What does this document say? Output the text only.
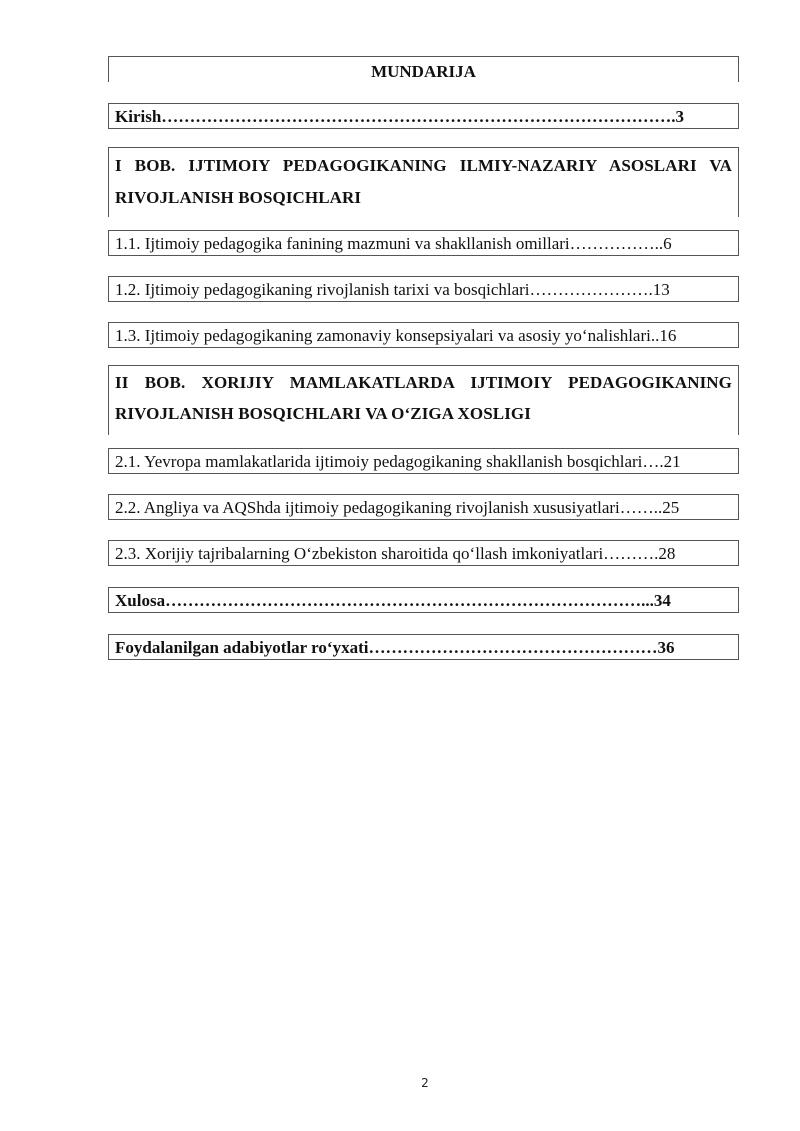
MUNDARIJA
Kirish……………………………………………………………………………….3
I BOB. IJTIMOIY PEDAGOGIKANING ILMIY-NAZARIY ASOSLARI VA
RIVOJLANISH BOSQICHLARI
1.1. Ijtimoiy pedagogika fanining mazmuni va shakllanish omillari……………..6
1.2. Ijtimoiy pedagogikaning rivojlanish tarixi va bosqichlari………………….13
1.3. Ijtimoiy pedagogikaning zamonaviy konsepsiyalari va asosiy yo‘nalishlari..16
II BOB. XORIJIY MAMLAKATLARDA IJTIMOIY PEDAGOGIKANING
RIVOJLANISH BOSQICHLARI VA O‘ZIGA XOSLIGI
2.1. Yevropa mamlakatlarida ijtimoiy pedagogikaning shakllanish bosqichlari….21
2.2. Angliya va AQShda ijtimoiy pedagogikaning rivojlanish xususiyatlari……..25
2.3. Xorijiy tajribalarning O‘zbekiston sharoitida qo‘llash imkoniyatlari……….28
Xulosa…………………………………………………………………………...34
Foydalanilgan adabiyotlar ro‘yxati……………………………………………36
2
